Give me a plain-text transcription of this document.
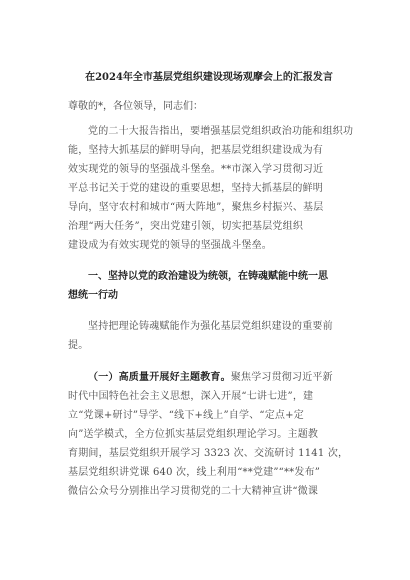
在2024年全市基层党组织建设现场观摩会上的汇报发言
尊敬的*，各位领导，同志们：
党的二十大报告指出，要增强基层党组织政治功能和组织功
能，坚持大抓基层的鲜明导向，把基层党组织建设成为有
效实现党的领导的坚强战斗堡垒。**市深入学习贯彻习近
平总书记关于党的建设的重要思想，坚持大抓基层的鲜明
导向，坚守农村和城市“两大阵地”，聚焦乡村振兴、基层
治理“两大任务”，突出党建引领，切实把基层党组织
建设成为有效实现党的领导的坚强战斗堡垒。
一、坚持以党的政治建设为统领，在铸魂赋能中统一思
想统一行动
坚持把理论铸魂赋能作为强化基层党组织建设的重要前
提。
（一）高质量开展好主题教育。聚焦学习贯彻习近平新
时代中国特色社会主义思想，深入开展“七讲七进”，建
立“党课+研讨”导学、“线下+线上”自学、“定点+定
向”送学模式，全方位抓实基层党组织理论学习。主题教
育期间，基层党组织开展学习 3323 次、交流研讨 1141 次，
基层党组织讲党课 640 次，线上利用“**党建”“**发布”
微信公众号分别推出学习贯彻党的二十大精神宣讲“微课
